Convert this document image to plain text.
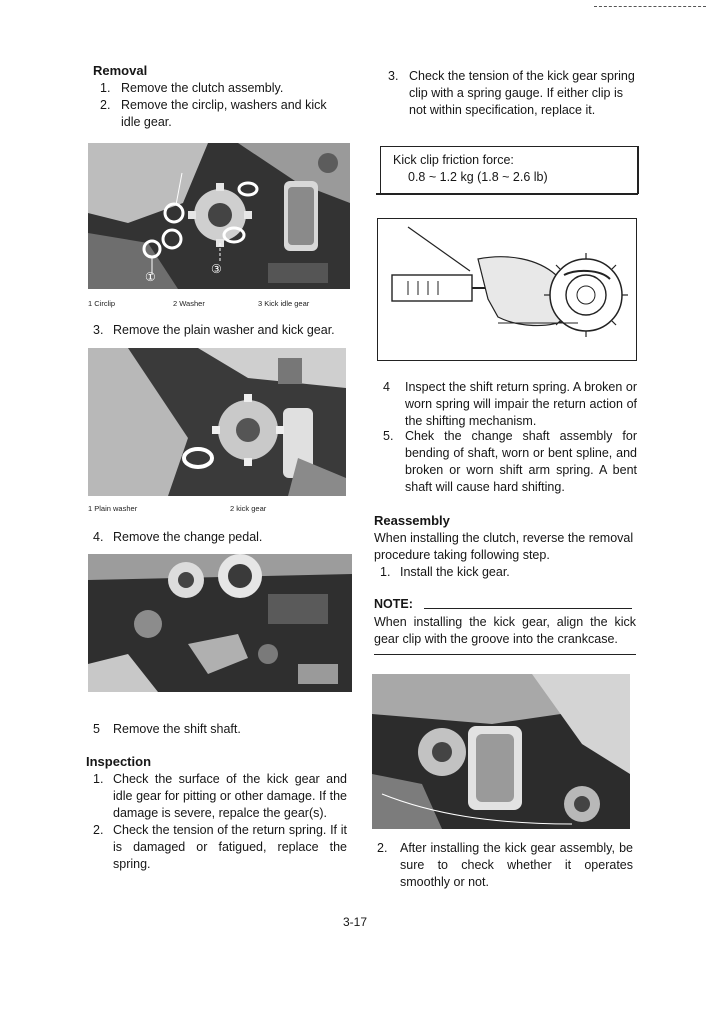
Removal
1. Remove the clutch assembly.
2. Remove the circlip, washers and kick idle gear.
①
③
1 Circlip	2 Washer	3 Kick idle gear
3. Remove the plain washer and kick gear.
1 Plain washer	2 kick gear
4. Remove the change pedal.
5 Remove the shift shaft.
Inspection
1. Check the surface of the kick gear and idle gear for pitting or other damage. If the damage is severe, repalce the gear(s).
2. Check the tension of the return spring. If it is damaged or fatigued, replace the spring.
3. Check the tension of the kick gear spring clip with a spring gauge. If either clip is not within specification, replace it.
Kick clip friction force:
0.8 ~ 1.2 kg (1.8 ~ 2.6 lb)
4 Inspect the shift return spring. A broken or worn spring will impair the return action of the shifting mechanism.
5. Chek the change shaft assembly for bending of shaft, worn or bent spline, and broken or worn shift arm spring. A bent shaft will cause hard shifting.
Reassembly
When installing the clutch, reverse the removal procedure taking following step.
1. Install the kick gear.
NOTE:
When installing the kick gear, align the kick gear clip with the groove into the crankcase.
2. After installing the kick gear assembly, be sure to check whether it operates smoothly or not.
3-17
